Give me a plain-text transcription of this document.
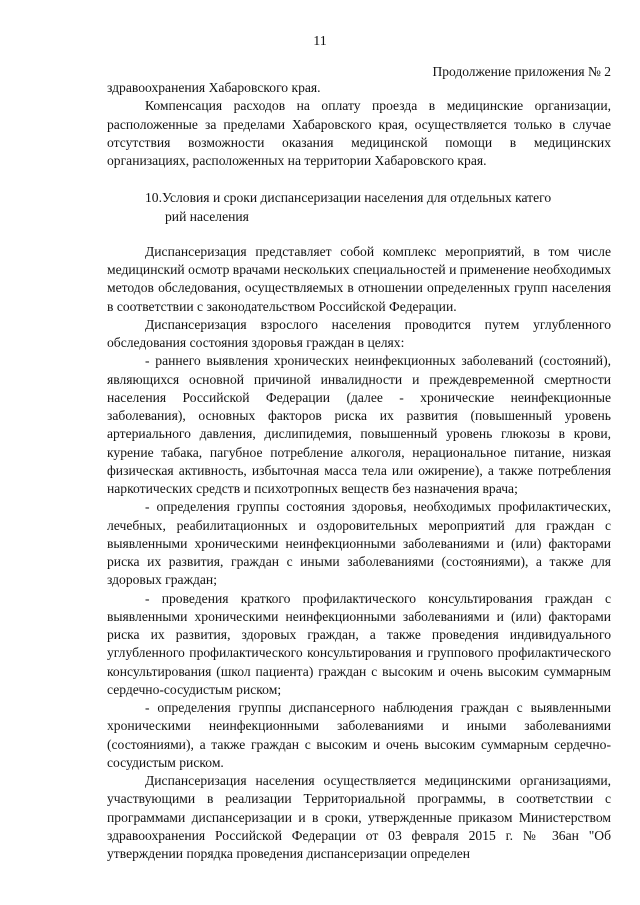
11
Продолжение приложения № 2

здравоохранения Хабаровского края.

Компенсация расходов на оплату проезда в медицинские организации, расположенные за пределами Хабаровского края, осуществляется только в случае отсутствия возможности оказания медицинской помощи в медицинских организациях, расположенных на территории Хабаровского края.

10.Условия и сроки диспансеризации населения для отдельных катего
рий населения

Диспансеризация представляет собой комплекс мероприятий, в том числе медицинский осмотр врачами нескольких специальностей и применение необходимых методов обследования, осуществляемых в отношении определенных групп населения в соответствии с законодательством Российской Федерации.

Диспансеризация взрослого населения проводится путем углубленного обследования состояния здоровья граждан в целях:

- раннего выявления хронических неинфекционных заболеваний (состояний), являющихся основной причиной инвалидности и преждевременной смертности населения Российской Федерации (далее - хронические неинфекционные заболевания), основных факторов риска их развития (повышенный уровень артериального давления, дислипидемия, повышенный уровень глюкозы в крови, курение табака, пагубное потребление алкоголя, нерациональное питание, низкая физическая активность, избыточная масса тела или ожирение), а также потребления наркотических средств и психотропных веществ без назначения врача;

- определения группы состояния здоровья, необходимых профилактических, лечебных, реабилитационных и оздоровительных мероприятий для граждан с выявленными хроническими неинфекционными заболеваниями и (или) факторами риска их развития, граждан с иными заболеваниями (состояниями), а также для здоровых граждан;

- проведения краткого профилактического консультирования граждан с выявленными хроническими неинфекционными заболеваниями и (или) факторами риска их развития, здоровых граждан, а также проведения индивидуального углубленного профилактического консультирования и группового профилактического консультирования (школ пациента) граждан с высоким и очень высоким суммарным сердечно-сосудистым риском;

- определения группы диспансерного наблюдения граждан с выявленными хроническими неинфекционными заболеваниями и иными заболеваниями (состояниями), а также граждан с высоким и очень высоким суммарным сердечно-сосудистым риском.

Диспансеризация населения осуществляется медицинскими организациями, участвующими в реализации Территориальной программы, в соответствии с программами диспансеризации и в сроки, утвержденные приказом Министерством здравоохранения Российской Федерации от 03 февраля 2015 г. № 36ан "Об утверждении порядка проведения диспансеризации определен
